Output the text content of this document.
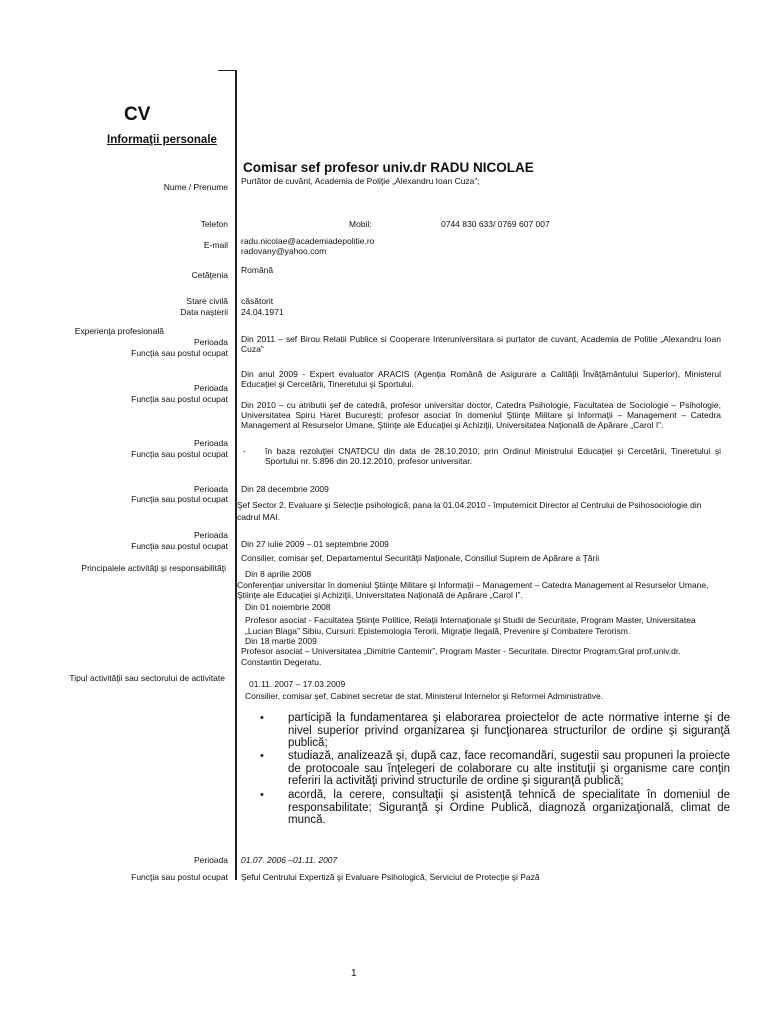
CV
Informaţii personale
Comisar sef profesor univ.dr RADU NICOLAE
Purtător de cuvânt, Academia de Poliţie „Alexandru Ioan Cuza”;
Nume / Prenume
Telefon	Mobil:	0744 830 633/ 0769 607 007
E-mail radu.nicolae@academiadepolitie.ro
radovany@yahoo.com
Cetăţenia Română
Stare civilă căsătorit
Data naşterii 24.04.1971
Experienţa profesională
Perioada
Funcţia sau postul ocupat
Din 2011 – sef Birou Relatii Publice si Cooperare Interuniversitara si purtator de cuvant, Academia de Politie „Alexandru Ioan Cuza”
Perioada
Funcţia sau postul ocupat
Din anul 2009 - Expert evaluator ARACIS (Agenţia Română de Asigurare a Calităţii Învăţământului Superior), Ministerul Educaţiei şi Cercetării, Tineretului şi Sportului.
Din 2010 – cu atributii şef de catedră, profesor universitar doctor, Catedra Psihologie, Facultatea de Sociologie – Psihologie, Universitatea Spiru Haret Bucureşti; profesor asociat în domeniul Ştiinţe Militare şi Informaţii – Management – Catedra Management al Resurselor Umane, Ştiinţe ale Educaţiei şi Achiziţii, Universitatea Naţională de Apărare „Carol I”.
Perioada
Funcţia sau postul ocupat - în baza rezoluţiei CNATDCU din data de 28.10.2010, prin Ordinul Ministrului Educaţiei şi Cercetării, Tineretului şi Sportului nr. 5.896 din 20.12.2010, profesor universitar.
Perioada
Funcţia sau postul ocupat
Din 28 decembrie 2009
Şef Sector 2, Evaluare şi Selecţie psihologică; pana la 01.04.2010 - împuternicit Director al Centrului de Psihosociologie din cadrul MAI.
Perioada
Funcţia sau postul ocupat Din 27 iulie 2009 – 01 septembrie 2009
Consilier, comisar şef, Departamentul Securităţii Naţionale, Consiliul Suprem de Apărare a Ţării
Principalele activităţi şi responsabilităţi
Din 8 aprilie 2008
Conferenţiar universitar în domeniul Ştiinţe Militare şi Informaţii – Management – Catedra Management al Resurselor Umane,
Ştiinţe ale Educaţiei şi Achiziţii, Universitatea Naţională de Apărare „Carol I”.
Din 01 noiembrie 2008
Profesor asociat - Facultatea Ştiinţe Politice, Relaţii Internaţionale şi Studii de Securitate, Program Master, Universitatea
„Lucian Blaga” Sibiu, Cursuri: Epistemologia Terorii, Migraţie Ilegală, Prevenire şi Combatere Terorism.
Din 18 martie 2009
Profesor asociat – Universitatea „Dimitrie Cantemir”, Program Master - Securitate. Director Program:Gral prof.univ.dr.
Constantin Degeratu.
Tipul activităţii sau sectorului de activitate
01.11. 2007 – 17.03.2009
Consilier, comisar şef, Cabinet secretar de stat, Ministerul Internelor şi Reformei Administrative.
• participă la fundamentarea şi elaborarea proiectelor de acte normative interne şi de nivel superior privind organizarea şi funcţionarea structurilor de ordine şi siguranţă publică;
• studiază, analizează şi, după caz, face recomandări, sugestii sau propuneri la proiecte de protocoale sau înţelegeri de colaborare cu alte instituţii şi organisme care conţin referiri la activităţi privind structurile de ordine şi siguranţă publică;
• acordă, la cerere, consultaţii şi asistenţă tehnică de specialitate în domeniul de responsabilitate; Siguranţă şi Ordine Publică, diagnoză organizaţională, climat de muncă.
Perioada 01.07. 2006 –01.11. 2007
Funcţia sau postul ocupat Şeful Centrului Expertiză şi Evaluare Psihologică, Serviciul de Protecţie şi Pază
1
